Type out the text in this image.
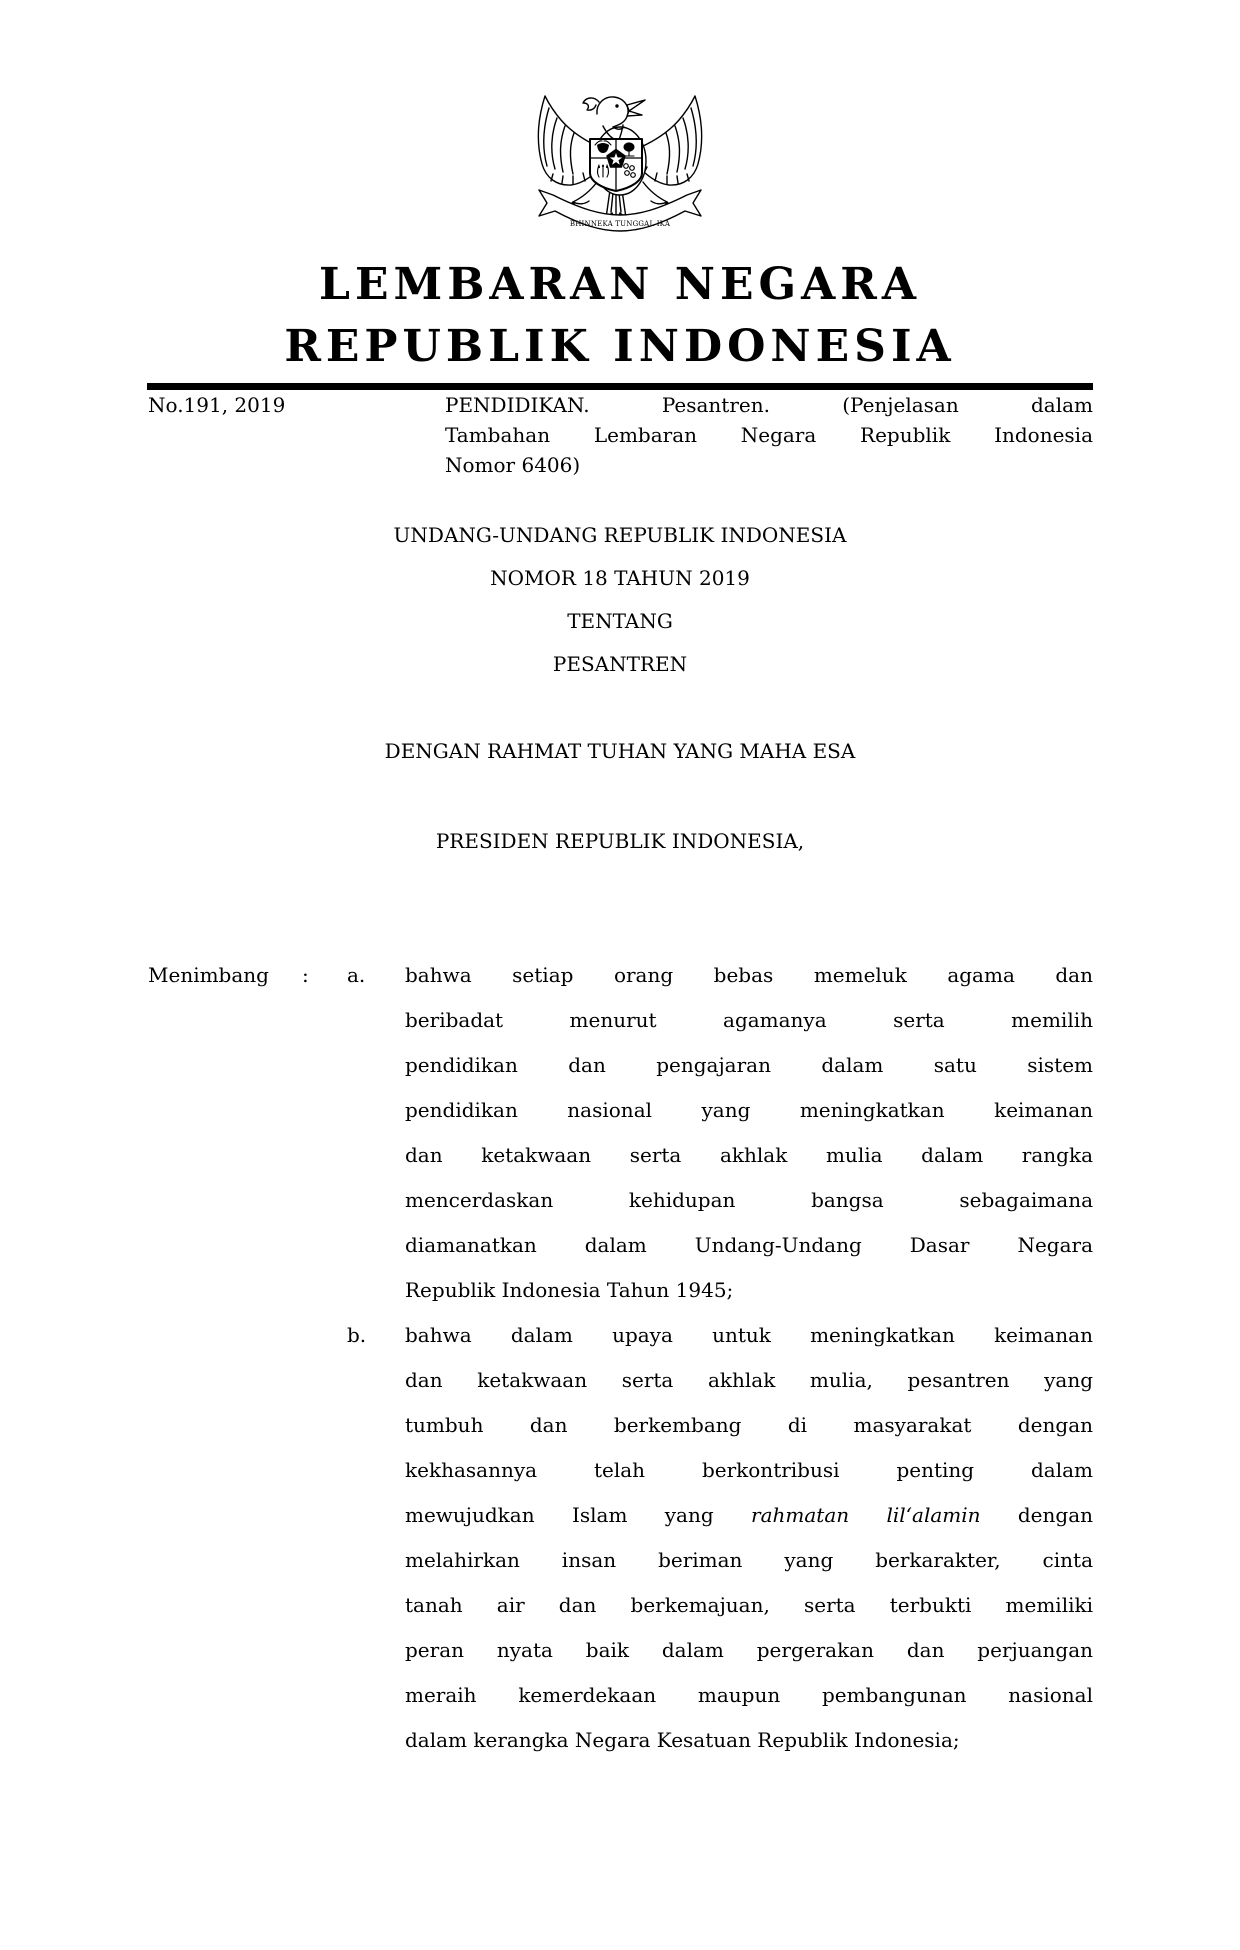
BHINNEKA TUNGGAL IKA
LEMBARAN NEGARA
REPUBLIK INDONESIA
No.191, 2019	PENDIDIKAN. Pesantren. (Penjelasan dalam
Tambahan Lembaran Negara Republik Indonesia
Nomor 6406)
UNDANG-UNDANG REPUBLIK INDONESIA
NOMOR 18 TAHUN 2019
TENTANG
PESANTREN
DENGAN RAHMAT TUHAN YANG MAHA ESA
PRESIDEN REPUBLIK INDONESIA,
Menimbang : a. bahwa setiap orang bebas memeluk agama dan
beribadat menurut agamanya serta memilih
pendidikan dan pengajaran dalam satu sistem
pendidikan nasional yang meningkatkan keimanan
dan ketakwaan serta akhlak mulia dalam rangka
mencerdaskan kehidupan bangsa sebagaimana
diamanatkan dalam Undang-Undang Dasar Negara
Republik Indonesia Tahun 1945;
b. bahwa dalam upaya untuk meningkatkan keimanan
dan ketakwaan serta akhlak mulia, pesantren yang
tumbuh dan berkembang di masyarakat dengan
kekhasannya telah berkontribusi penting dalam
mewujudkan Islam yang rahmatan lil‘alamin dengan
melahirkan insan beriman yang berkarakter, cinta
tanah air dan berkemajuan, serta terbukti memiliki
peran nyata baik dalam pergerakan dan perjuangan
meraih kemerdekaan maupun pembangunan nasional
dalam kerangka Negara Kesatuan Republik Indonesia;
